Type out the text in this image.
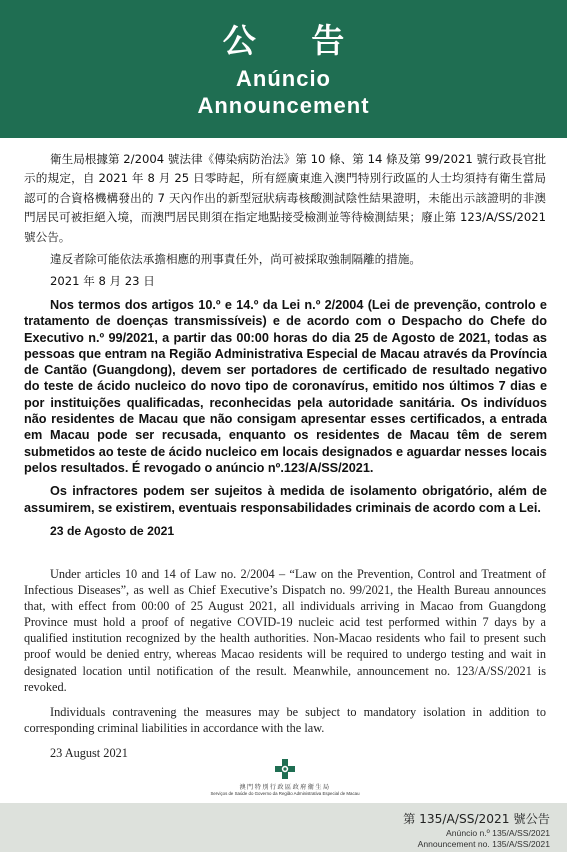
公 告
Anúncio
Announcement

衛生局根據第 2/2004 號法律《傳染病防治法》第 10 條、第 14 條及第 99/2021 號行政長官批示的規定，自 2021 年 8 月 25 日零時起，所有經廣東進入澳門特別行政區的人士均須持有衛生當局認可的合資格機構發出的 7 天內作出的新型冠狀病毒核酸測試陰性結果證明，未能出示該證明的非澳門居民可被拒絕入境，而澳門居民則須在指定地點接受檢測並等待檢測結果；廢止第 123/A/SS/2021 號公告。

違反者除可能依法承擔相應的刑事責任外，尚可被採取強制隔離的措施。

2021 年 8 月 23 日

Nos termos dos artigos 10.º e 14.º da Lei n.º 2/2004 (Lei de prevenção, controlo e tratamento de doenças transmissíveis) e de acordo com o Despacho do Chefe do Executivo n.º 99/2021, a partir das 00:00 horas do dia 25 de Agosto de 2021, todas as pessoas que entram na Região Administrativa Especial de Macau através da Província de Cantão (Guangdong), devem ser portadores de certificado de resultado negativo do teste de ácido nucleico do novo tipo de coronavírus, emitido nos últimos 7 dias e por instituições qualificadas, reconhecidas pela autoridade sanitária. Os indivíduos não residentes de Macau que não consigam apresentar esses certificados, a entrada em Macau pode ser recusada, enquanto os residentes de Macau têm de serem submetidos ao teste de ácido nucleico em locais designados e aguardar nesses locais pelos resultados. É revogado o anúncio nº.123/A/SS/2021.

Os infractores podem ser sujeitos à medida de isolamento obrigatório, além de assumirem, se existirem, eventuais responsabilidades criminais de acordo com a Lei.

23 de Agosto de 2021

Under articles 10 and 14 of Law no. 2/2004 – “Law on the Prevention, Control and Treatment of Infectious Diseases”, as well as Chief Executive’s Dispatch no. 99/2021, the Health Bureau announces that, with effect from 00:00 of 25 August 2021, all individuals arriving in Macao from Guangdong Province must hold a proof of negative COVID-19 nucleic acid test performed within 7 days by a qualified institution recognized by the health authorities. Non-Macao residents who fail to present such proof would be denied entry, whereas Macao residents will be required to undergo testing and wait in designated location until notification of the result. Meanwhile, announcement no. 123/A/SS/2021 is revoked.

Individuals contravening the measures may be subject to mandatory isolation in addition to corresponding criminal liabilities in accordance with the law.

23 August 2021

澳門特別行政區政府衛生局
Serviços de Saúde do Governo da Região Administrativa Especial de Macau
第 135/A/SS/2021 號公告
Anúncio n.º 135/A/SS/2021
Announcement no. 135/A/SS/2021
